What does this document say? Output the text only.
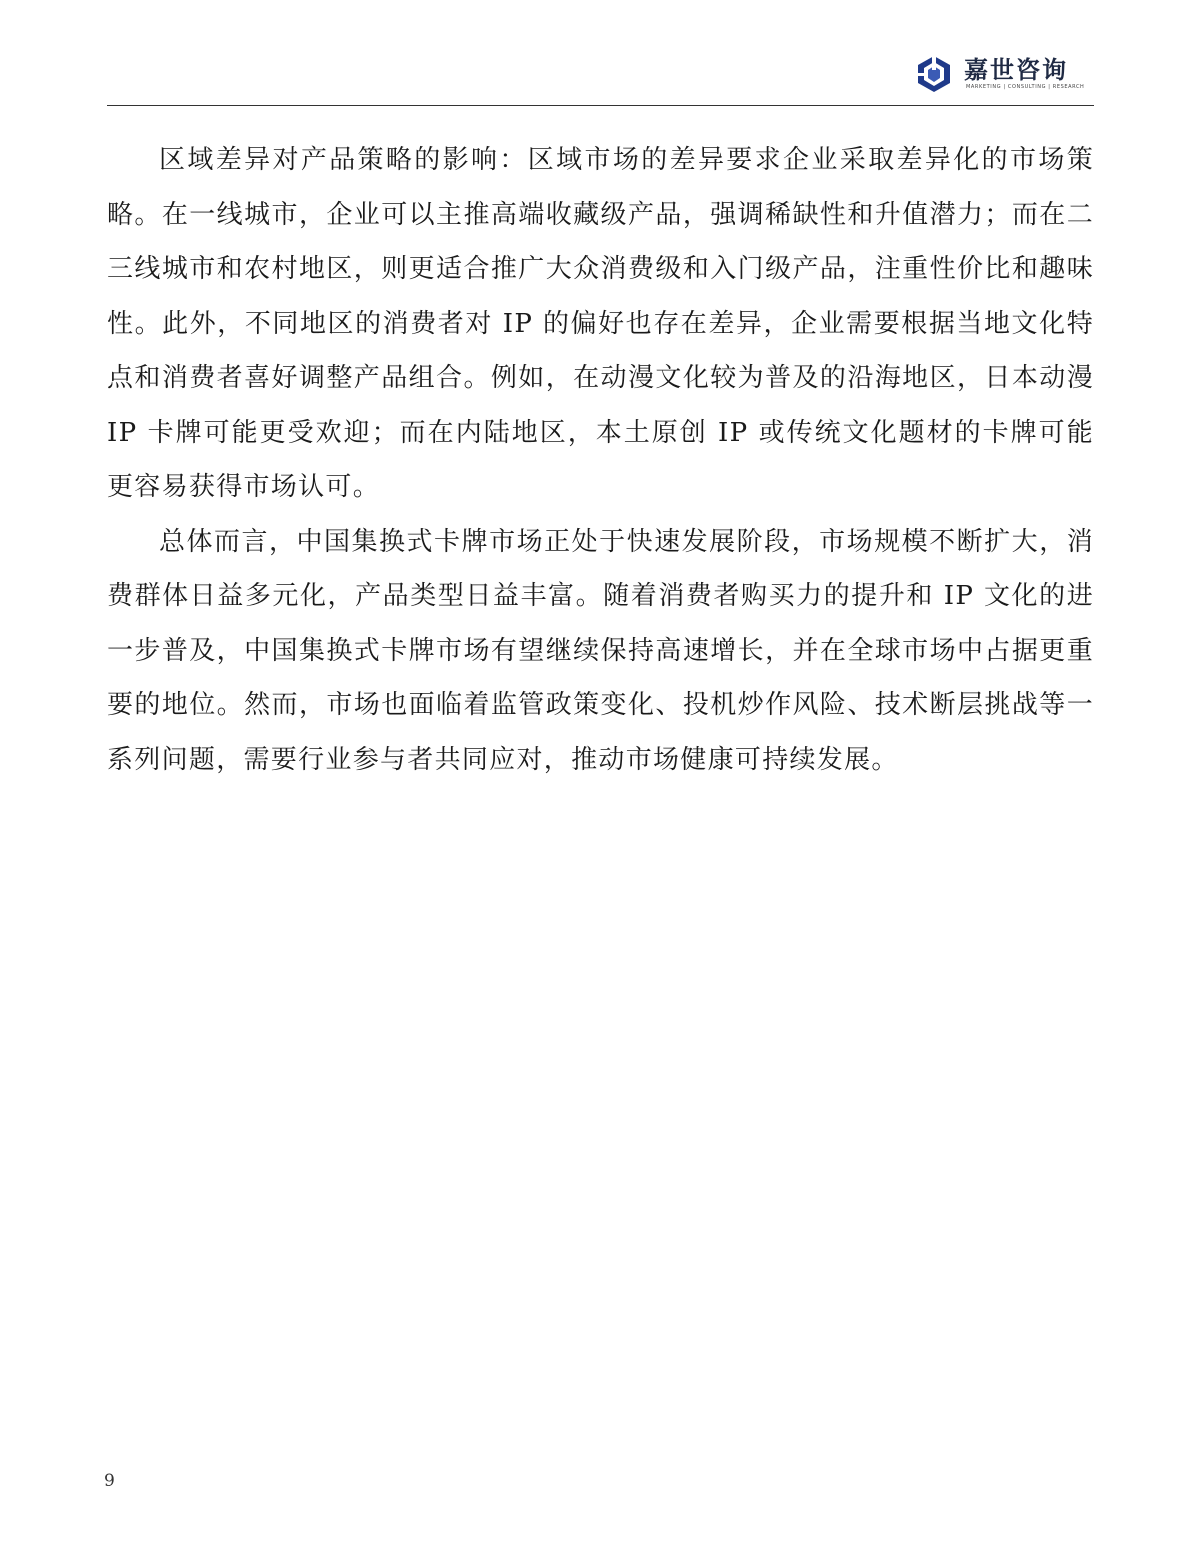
嘉世咨询
MARKETING | CONSULTING | RESEARCH

区域差异对产品策略的影响：区域市场的差异要求企业采取差异化的市场策略。在一线城市，企业可以主推高端收藏级产品，强调稀缺性和升值潜力；而在二三线城市和农村地区，则更适合推广大众消费级和入门级产品，注重性价比和趣味性。此外，不同地区的消费者对 IP 的偏好也存在差异，企业需要根据当地文化特点和消费者喜好调整产品组合。例如，在动漫文化较为普及的沿海地区，日本动漫 IP 卡牌可能更受欢迎；而在内陆地区，本土原创 IP 或传统文化题材的卡牌可能更容易获得市场认可。

总体而言，中国集换式卡牌市场正处于快速发展阶段，市场规模不断扩大，消费群体日益多元化，产品类型日益丰富。随着消费者购买力的提升和 IP 文化的进一步普及，中国集换式卡牌市场有望继续保持高速增长，并在全球市场中占据更重要的地位。然而，市场也面临着监管政策变化、投机炒作风险、技术断层挑战等一系列问题，需要行业参与者共同应对，推动市场健康可持续发展。

9
